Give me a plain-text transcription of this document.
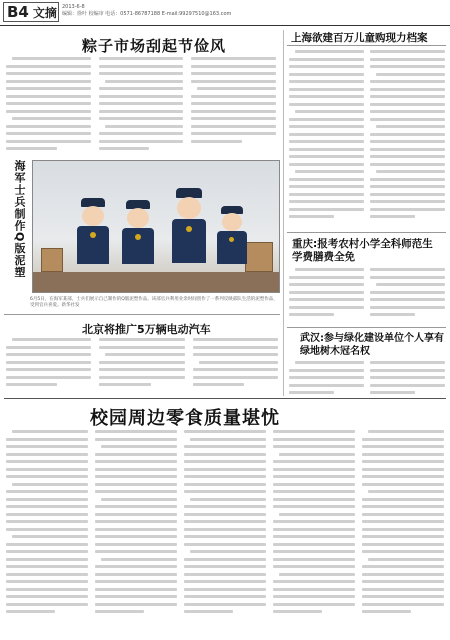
B4 文摘 2013-6-8
编辑：徐叶 校编审 电话：0571-86787188 E-mail:99297510@163.com
粽子市场刮起节俭风
海军士兵制作Q版泥塑
6月5日，在海军某部，士兵们展示自己制作的Q版泥塑作品。该部官兵利用业余时间创作了一系列反映部队生活的泥塑作品，受到官兵喜爱。新华社发
北京将推广5万辆电动汽车
上海欲建百万儿童购现力档案
重庆:报考农村小学全科师范生学费膳费全免
武汉:参与绿化建设单位个人享有绿地树木冠名权
校园周边零食质量堪忧
